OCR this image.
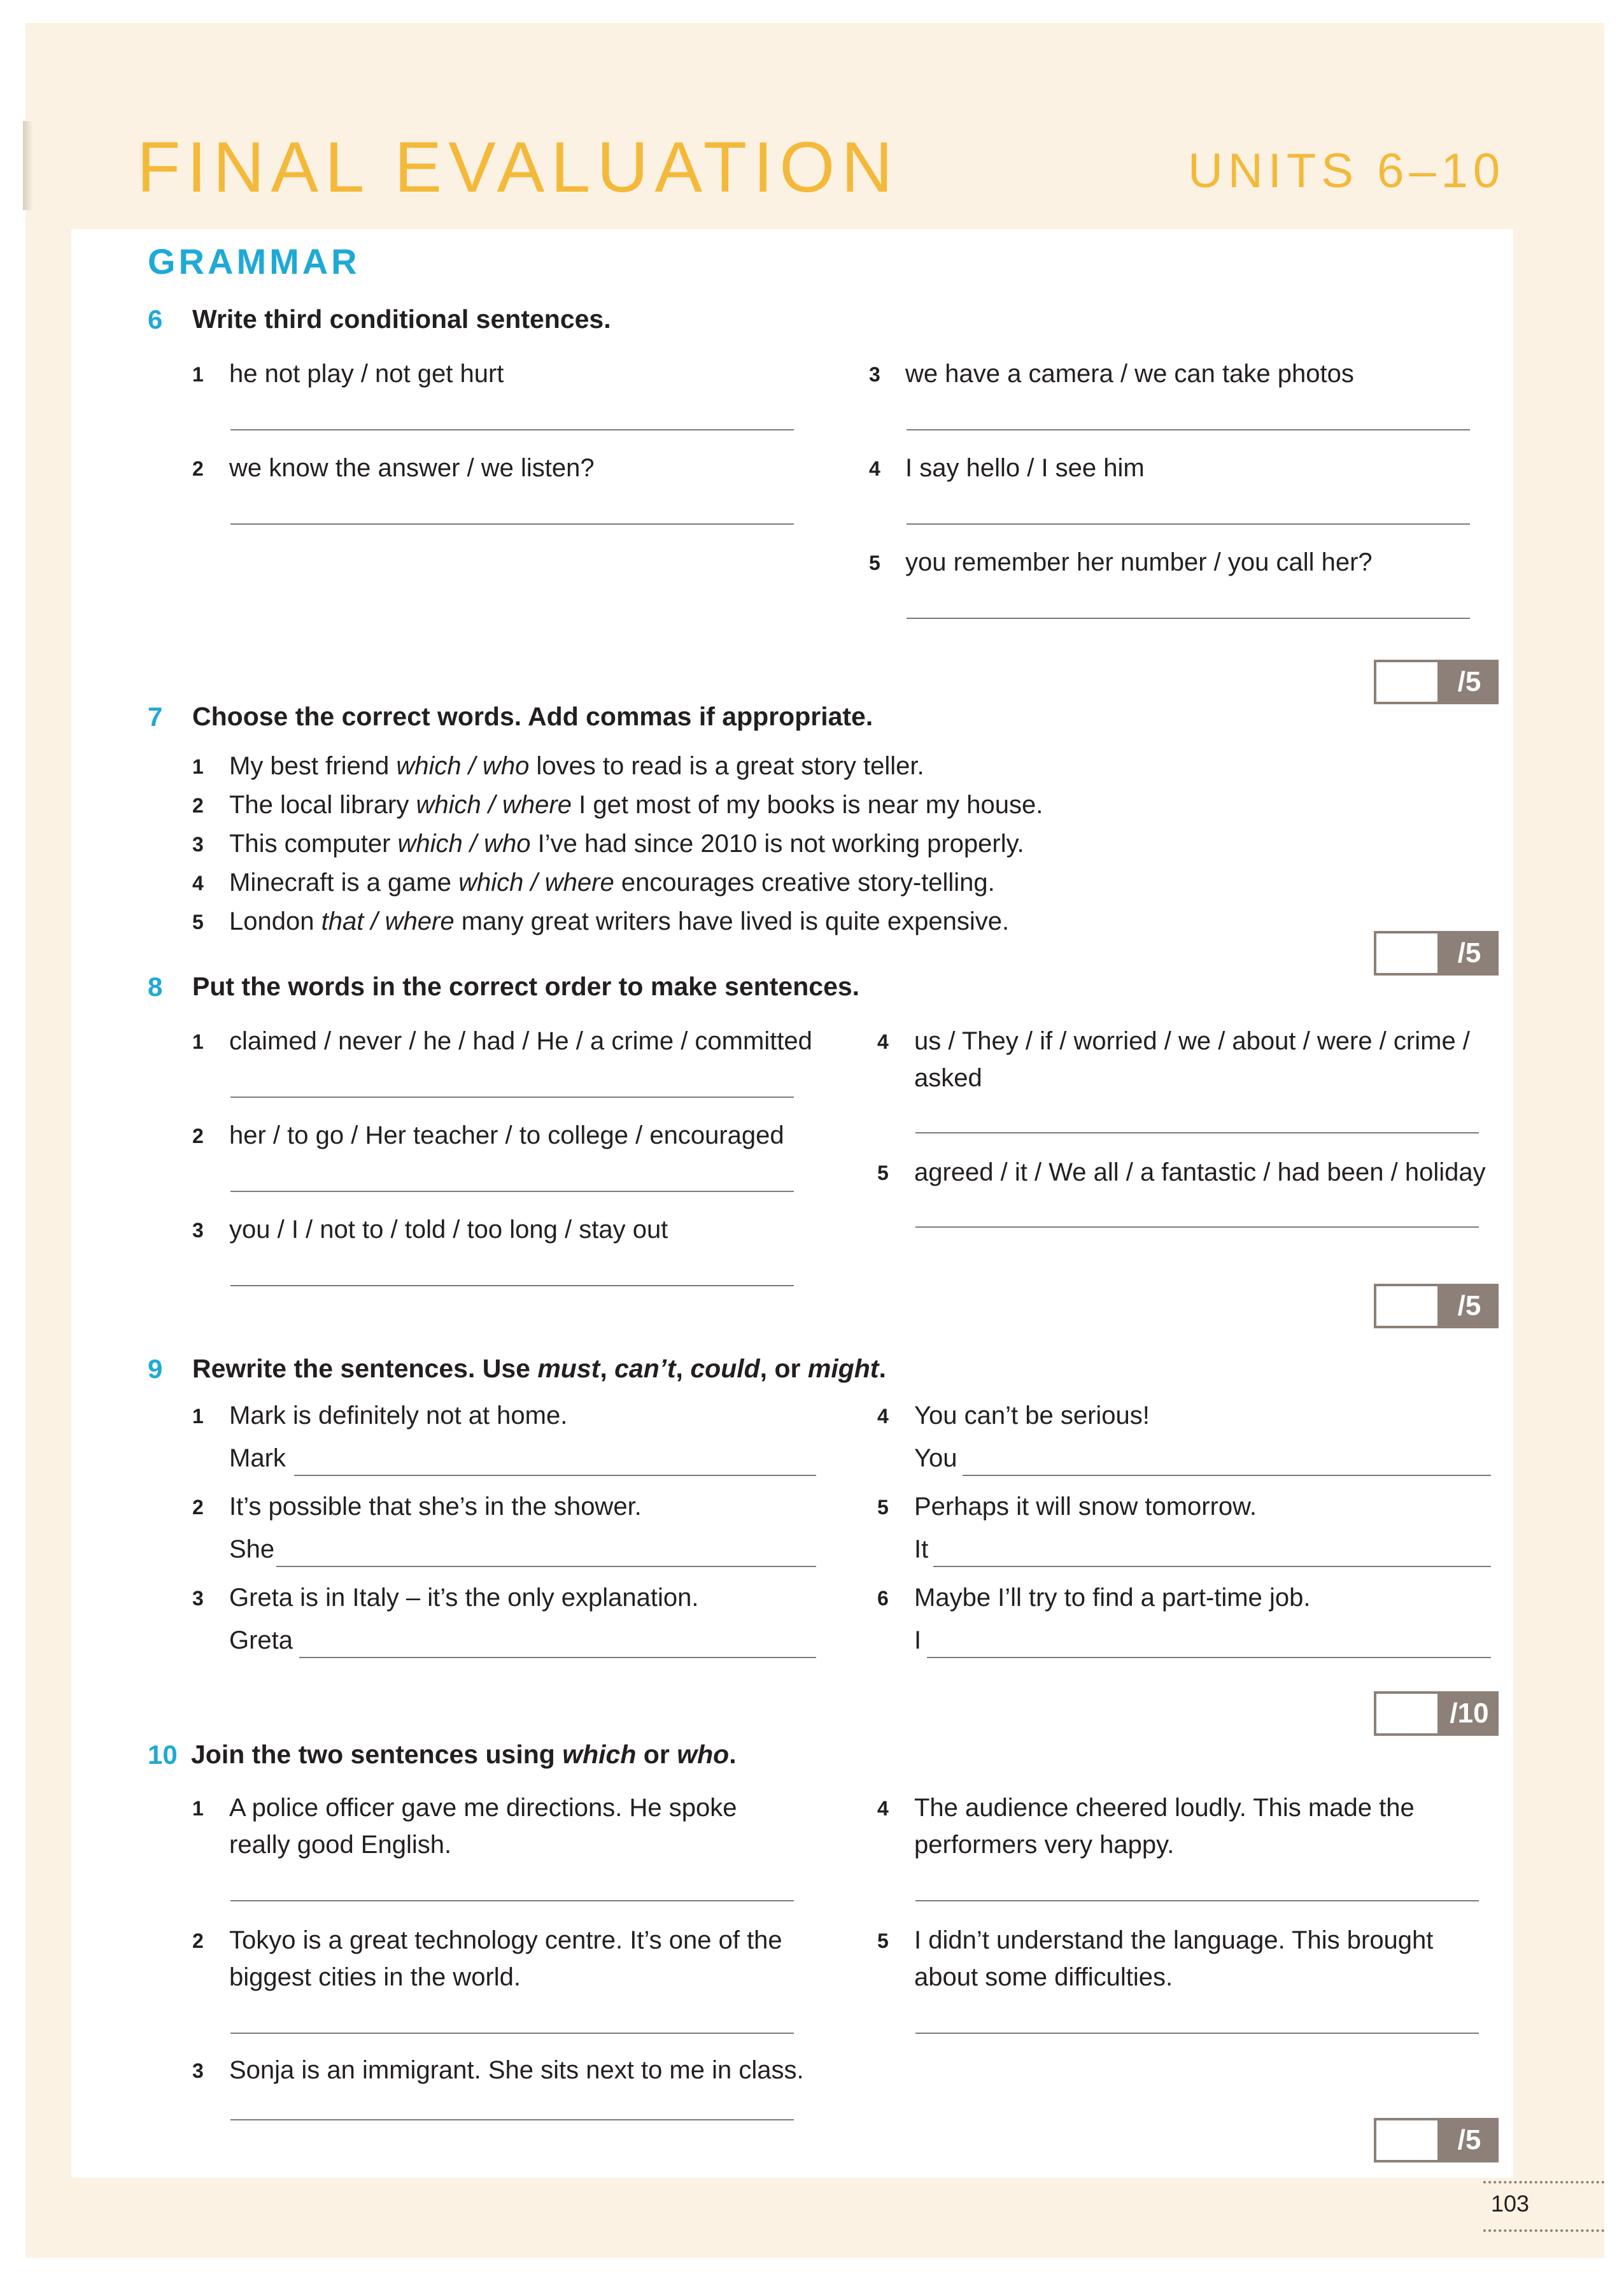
FINAL EVALUATION	UNITS 6–10
GRAMMAR
6 Write third conditional sentences.
1 he not play / not get hurt
2 we know the answer / we listen?
3 we have a camera / we can take photos
4 I say hello / I see him
5 you remember her number / you call her?
/5
7 Choose the correct words. Add commas if appropriate.
1 My best friend which / who loves to read is a great story teller.
2 The local library which / where I get most of my books is near my house.
3 This computer which / who I’ve had since 2010 is not working properly.
4 Minecraft is a game which / where encourages creative story-telling.
5 London that / where many great writers have lived is quite expensive.
/5
8 Put the words in the correct order to make sentences.
1 claimed / never / he / had / He / a crime / committed
2 her / to go / Her teacher / to college / encouraged
3 you / I / not to / told / too long / stay out
4 us / They / if / worried / we / about / were / crime / asked
5 agreed / it / We all / a fantastic / had been / holiday
/5
9 Rewrite the sentences. Use must, can’t, could, or might.
1 Mark is definitely not at home.
Mark
2 It’s possible that she’s in the shower.
She
3 Greta is in Italy – it’s the only explanation.
Greta
4 You can’t be serious!
You
5 Perhaps it will snow tomorrow.
It
6 Maybe I’ll try to find a part-time job.
I
/10
10 Join the two sentences using which or who.
1 A police officer gave me directions. He spoke really good English.
2 Tokyo is a great technology centre. It’s one of the biggest cities in the world.
3 Sonja is an immigrant. She sits next to me in class.
4 The audience cheered loudly. This made the performers very happy.
5 I didn’t understand the language. This brought about some difficulties.
/5
103
